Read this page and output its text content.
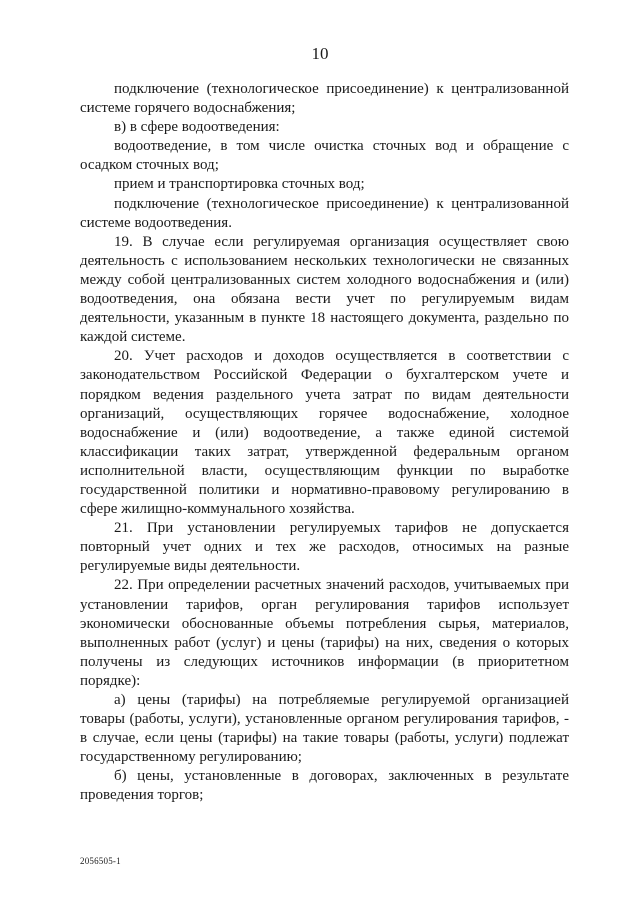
10

подключение (технологическое присоединение) к централизованной системе горячего водоснабжения;

в) в сфере водоотведения:

водоотведение, в том числе очистка сточных вод и обращение с осадком сточных вод;

прием и транспортировка сточных вод;

подключение (технологическое присоединение) к централизованной системе водоотведения.

19. В случае если регулируемая организация осуществляет свою деятельность с использованием нескольких технологически не связанных между собой централизованных систем холодного водоснабжения и (или) водоотведения, она обязана вести учет по регулируемым видам деятельности, указанным в пункте 18 настоящего документа, раздельно по каждой системе.

20. Учет расходов и доходов осуществляется в соответствии с законодательством Российской Федерации о бухгалтерском учете и порядком ведения раздельного учета затрат по видам деятельности организаций, осуществляющих горячее водоснабжение, холодное водоснабжение и (или) водоотведение, а также единой системой классификации таких затрат, утвержденной федеральным органом исполнительной власти, осуществляющим функции по выработке государственной политики и нормативно-правовому регулированию в сфере жилищно-коммунального хозяйства.

21. При установлении регулируемых тарифов не допускается повторный учет одних и тех же расходов, относимых на разные регулируемые виды деятельности.

22. При определении расчетных значений расходов, учитываемых при установлении тарифов, орган регулирования тарифов использует экономически обоснованные объемы потребления сырья, материалов, выполненных работ (услуг) и цены (тарифы) на них, сведения о которых получены из следующих источников информации (в приоритетном порядке):

а) цены (тарифы) на потребляемые регулируемой организацией товары (работы, услуги), установленные органом регулирования тарифов, - в случае, если цены (тарифы) на такие товары (работы, услуги) подлежат государственному регулированию;

б) цены, установленные в договорах, заключенных в результате проведения торгов;

2056505-1
